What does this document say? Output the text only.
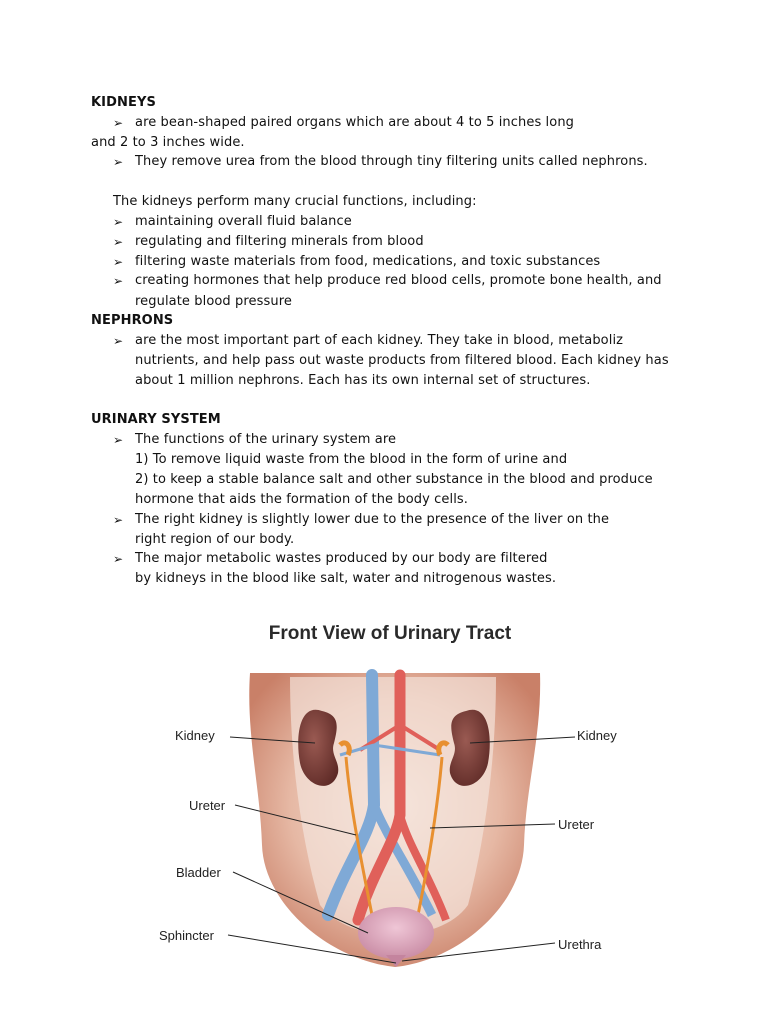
KIDNEYS
➢ are bean-shaped paired organs which are about 4 to 5 inches long
and 2 to 3 inches wide.
➢ They remove urea from the blood through tiny filtering units called nephrons.
The kidneys perform many crucial functions, including:
➢ maintaining overall fluid balance
➢ regulating and filtering minerals from blood
➢ filtering waste materials from food, medications, and toxic substances
➢ creating hormones that help produce red blood cells, promote bone health, and
regulate blood pressure
NEPHRONS
➢ are the most important part of each kidney. They take in blood, metaboliz
nutrients, and help pass out waste products from filtered blood. Each kidney has
about 1 million nephrons. Each has its own internal set of structures.
URINARY SYSTEM
➢ The functions of the urinary system are
1) To remove liquid waste from the blood in the form of urine and
2) to keep a stable balance salt and other substance in the blood and produce
hormone that aids the formation of the body cells.
➢ The right kidney is slightly lower due to the presence of the liver on the
right region of our body.
➢ The major metabolic wastes produced by our body are filtered
by kidneys in the blood like salt, water and nitrogenous wastes.
Front View of Urinary Tract
Kidney	Kidney
Ureter
Ureter
Bladder
Sphincter
Urethra
